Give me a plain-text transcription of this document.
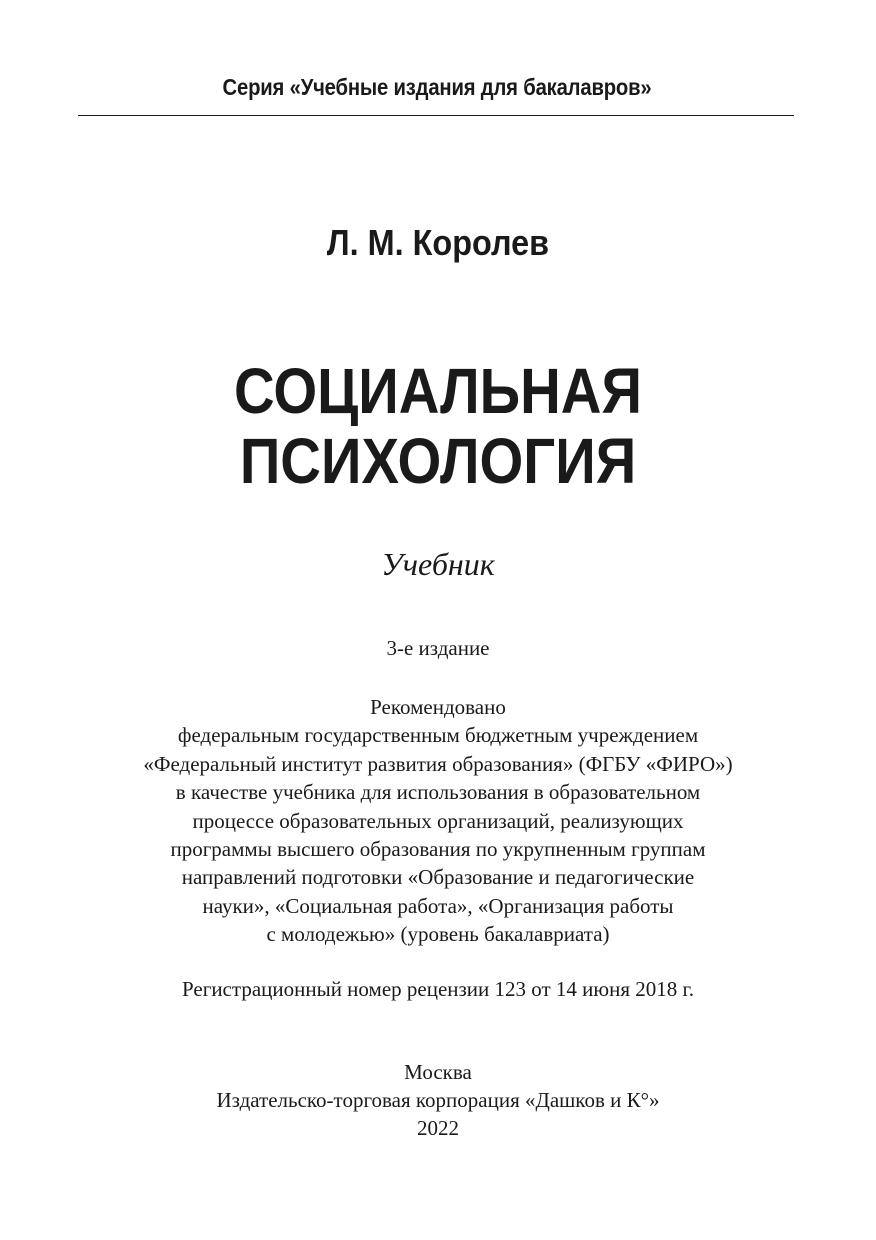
Серия «Учебные издания для бакалавров»
Л. М. Королев
СОЦИАЛЬНАЯ
ПСИХОЛОГИЯ
Учебник
3-е издание
Рекомендовано
федеральным государственным бюджетным учреждением
«Федеральный институт развития образования» (ФГБУ «ФИРО»)
в качестве учебника для использования в образовательном
процессе образовательных организаций, реализующих
программы высшего образования по укрупненным группам
направлений подготовки «Образование и педагогические
науки», «Социальная работа», «Организация работы
с молодежью» (уровень бакалавриата)
Регистрационный номер рецензии 123 от 14 июня 2018 г.
Москва
Издательско-торговая корпорация «Дашков и К°»
2022
